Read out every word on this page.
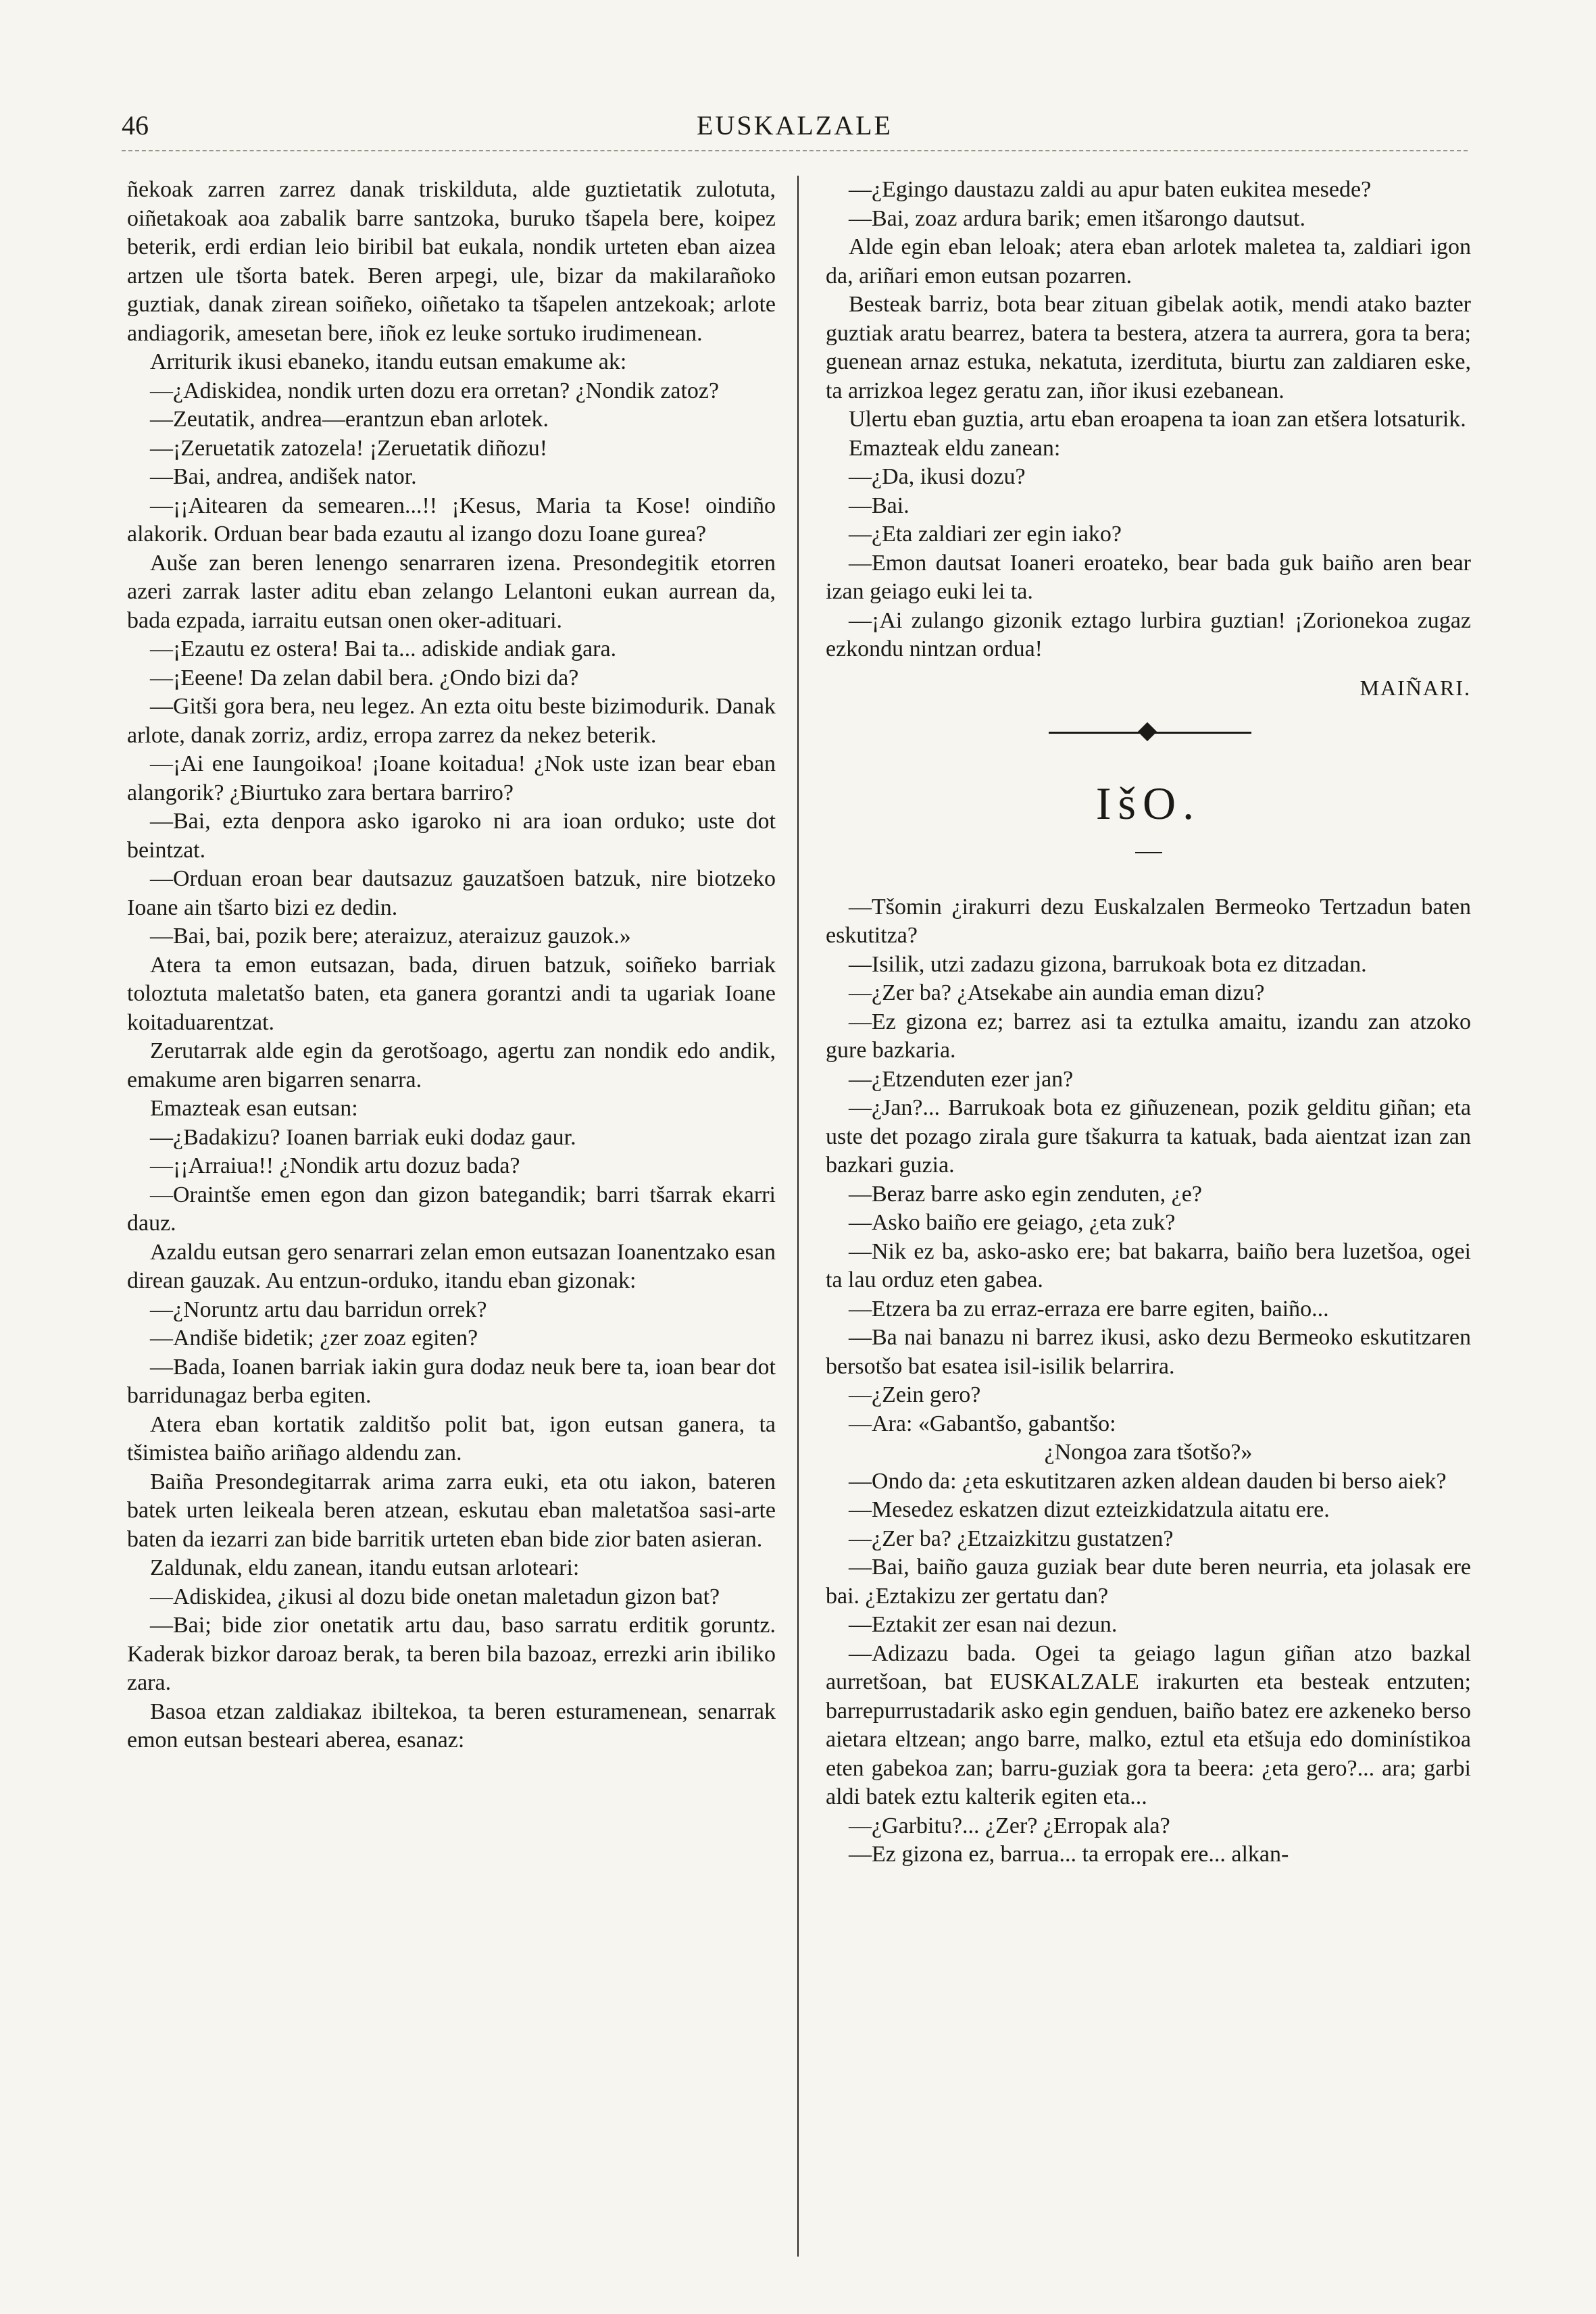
46	EUSKALZALE

ñekoak zarren zarrez danak triskilduta, alde guztietatik zulotuta, oiñetakoak aoa zabalik barre santzoka, buruko tšapela bere, koipez beterik, erdi erdian leio biribil bat eukala, nondik urteten eban aizea artzen ule tšorta batek. Beren arpegi, ule, bizar da makilarañoko guztiak, danak zirean soiñeko, oiñetako ta tšapelen antzekoak; arlote andiagorik, amesetan bere, iñok ez leuke sortuko irudimenean.

Arriturik ikusi ebaneko, itandu eutsan emakume ak:

—¿Adiskidea, nondik urten dozu era orretan? ¿Nondik zatoz?

—Zeutatik, andrea—erantzun eban arlotek.

—¡Zeruetatik zatozela! ¡Zeruetatik diñozu!

—Bai, andrea, andišek nator.

—¡¡Aitearen da semearen...!! ¡Kesus, Maria ta Kose! oindiño alakorik. Orduan bear bada ezautu al izango dozu Ioane gurea?

Auše zan beren lenengo senarraren izena. Presondegitik etorren azeri zarrak laster aditu eban zelango Lelantoni eukan aurrean da, bada ezpada, iarraitu eutsan onen oker-adituari.

—¡Ezautu ez ostera! Bai ta... adiskide andiak gara.

—¡Eeene! Da zelan dabil bera. ¿Ondo bizi da?

—Gitši gora bera, neu legez. An ezta oitu beste bizimodurik. Danak arlote, danak zorriz, ardiz, erropa zarrez da nekez beterik.

—¡Ai ene Iaungoikoa! ¡Ioane koitadua! ¿Nok uste izan bear eban alangorik? ¿Biurtuko zara bertara barriro?

—Bai, ezta denpora asko igaroko ni ara ioan orduko; uste dot beintzat.

—Orduan eroan bear dautsazuz gauzatšoen batzuk, nire biotzeko Ioane ain tšarto bizi ez dedin.

—Bai, bai, pozik bere; ateraizuz, ateraizuz gauzok.»

Atera ta emon eutsazan, bada, diruen batzuk, soiñeko barriak toloztuta maletatšo baten, eta ganera gorantzi andi ta ugariak Ioane koitaduarentzat.

Zerutarrak alde egin da gerotšoago, agertu zan nondik edo andik, emakume aren bigarren senarra.

Emazteak esan eutsan:

—¿Badakizu? Ioanen barriak euki dodaz gaur.

—¡¡Arraiua!! ¿Nondik artu dozuz bada?

—Oraintše emen egon dan gizon bategandik; barri tšarrak ekarri dauz.

Azaldu eutsan gero senarrari zelan emon eutsazan Ioanentzako esan direan gauzak. Au entzun-orduko, itandu eban gizonak:

—¿Noruntz artu dau barridun orrek?

—Andiše bidetik; ¿zer zoaz egiten?

—Bada, Ioanen barriak iakin gura dodaz neuk bere ta, ioan bear dot barridunagaz berba egiten.

Atera eban kortatik zalditšo polit bat, igon eutsan ganera, ta tšimistea baiño ariñago aldendu zan.

Baiña Presondegitarrak arima zarra euki, eta otu iakon, bateren batek urten leikeala beren atzean, eskutau eban maletatšoa sasi-arte baten da iezarri zan bide barritik urteten eban bide zior baten asieran.

Zaldunak, eldu zanean, itandu eutsan arloteari:

—Adiskidea, ¿ikusi al dozu bide onetan maletadun gizon bat?

—Bai; bide zior onetatik artu dau, baso sarratu erditik goruntz. Kaderak bizkor daroaz berak, ta beren bila bazoaz, errezki arin ibiliko zara.

Basoa etzan zaldiakaz ibiltekoa, ta beren esturamenean, senarrak emon eutsan besteari aberea, esanaz:

—¿Egingo daustazu zaldi au apur baten eukitea mesede?

—Bai, zoaz ardura barik; emen itšarongo dautsut.

Alde egin eban leloak; atera eban arlotek maletea ta, zaldiari igon da, ariñari emon eutsan pozarren.

Besteak barriz, bota bear zituan gibelak aotik, mendi atako bazter guztiak aratu bearrez, batera ta bestera, atzera ta aurrera, gora ta bera; guenean arnaz estuka, nekatuta, izerdituta, biurtu zan zaldiaren eske, ta arrizkoa legez geratu zan, iñor ikusi ezebanean.

Ulertu eban guztia, artu eban eroapena ta ioan zan etšera lotsaturik.

Emazteak eldu zanean:

—¿Da, ikusi dozu?

—Bai.

—¿Eta zaldiari zer egin iako?

—Emon dautsat Ioaneri eroateko, bear bada guk baiño aren bear izan geiago euki lei ta.

—¡Ai zulango gizonik eztago lurbira guztian! ¡Zorionekoa zugaz ezkondu nintzan ordua!

MAIÑARI.

IšO.

—Tšomin ¿irakurri dezu Euskalzalen Bermeoko Tertzadun baten eskutitza?

—Isilik, utzi zadazu gizona, barrukoak bota ez ditzadan.

—¿Zer ba? ¿Atsekabe ain aundia eman dizu?

—Ez gizona ez; barrez asi ta eztulka amaitu, izandu zan atzoko gure bazkaria.

—¿Etzenduten ezer jan?

—¿Jan?... Barrukoak bota ez giñuzenean, pozik gelditu giñan; eta uste det pozago zirala gure tšakurra ta katuak, bada aientzat izan zan bazkari guzia.

—Beraz barre asko egin zenduten, ¿e?

—Asko baiño ere geiago, ¿eta zuk?

—Nik ez ba, asko-asko ere; bat bakarra, baiño bera luzetšoa, ogei ta lau orduz eten gabea.

—Etzera ba zu erraz-erraza ere barre egiten, baiño...

—Ba nai banazu ni barrez ikusi, asko dezu Bermeoko eskutitzaren bersotšo bat esatea isil-isilik belarrira.

—¿Zein gero?

—Ara: «Gabantšo, gabantšo:

¿Nongoa zara tšotšo?»

—Ondo da: ¿eta eskutitzaren azken aldean dauden bi berso aiek?

—Mesedez eskatzen dizut ezteizkidatzula aitatu ere.

—¿Zer ba? ¿Etzaizkitzu gustatzen?

—Bai, baiño gauza guziak bear dute beren neurria, eta jolasak ere bai. ¿Eztakizu zer gertatu dan?

—Eztakit zer esan nai dezun.

—Adizazu bada. Ogei ta geiago lagun giñan atzo bazkal aurretšoan, bat EUSKALZALE irakurten eta besteak entzuten; barrepurrustadarik asko egin genduen, baiño batez ere azkeneko berso aietara eltzean; ango barre, malko, eztul eta etšuja edo dominístikoa eten gabekoa zan; barru-guziak gora ta beera: ¿eta gero?... ara; garbi aldi batek eztu kalterik egiten eta...

—¿Garbitu?... ¿Zer? ¿Erropak ala?

—Ez gizona ez, barrua... ta erropak ere... alkan-
